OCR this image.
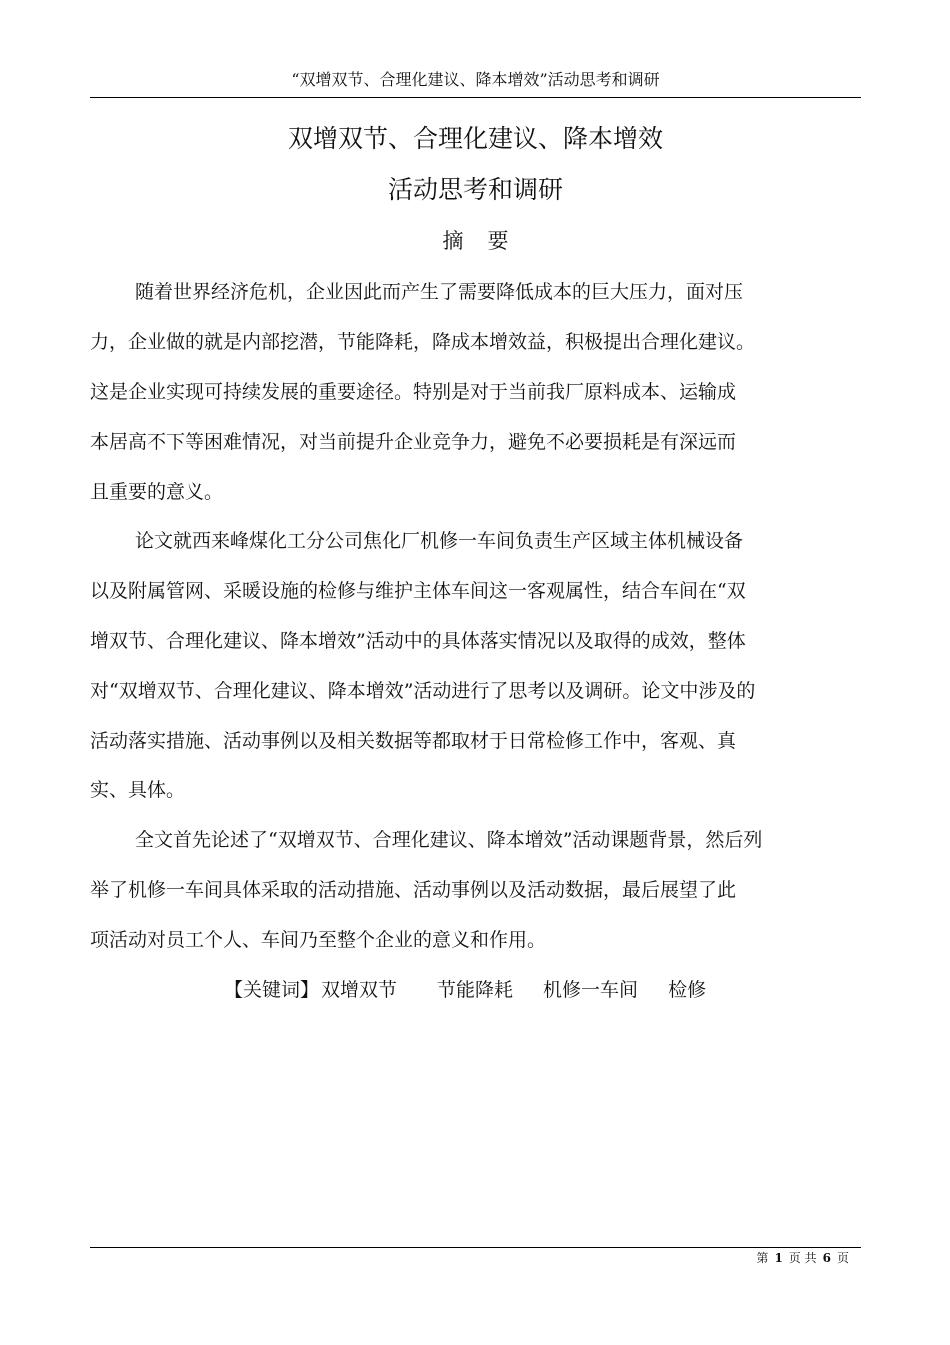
“双增双节、合理化建议、降本增效”活动思考和调研
双增双节、合理化建议、降本增效
活动思考和调研
摘要
随着世界经济危机，企业因此而产生了需要降低成本的巨大压力，面对压
力，企业做的就是内部挖潜，节能降耗，降成本增效益，积极提出合理化建议。
这是企业实现可持续发展的重要途径。特别是对于当前我厂原料成本、运输成
本居高不下等困难情况，对当前提升企业竞争力，避免不必要损耗是有深远而
且重要的意义。
论文就西来峰煤化工分公司焦化厂机修一车间负责生产区域主体机械设备
以及附属管网、采暖设施的检修与维护主体车间这一客观属性，结合车间在“双
增双节、合理化建议、降本增效”活动中的具体落实情况以及取得的成效，整体
对“双增双节、合理化建议、降本增效”活动进行了思考以及调研。论文中涉及的
活动落实措施、活动事例以及相关数据等都取材于日常检修工作中，客观、真
实、具体。
全文首先论述了“双增双节、合理化建议、降本增效”活动课题背景，然后列
举了机修一车间具体采取的活动措施、活动事例以及活动数据，最后展望了此
项活动对员工个人、车间乃至整个企业的意义和作用。
【关键词】 双增双节 节能降耗 机修一车间 检修
第 1 页 共 6 页
